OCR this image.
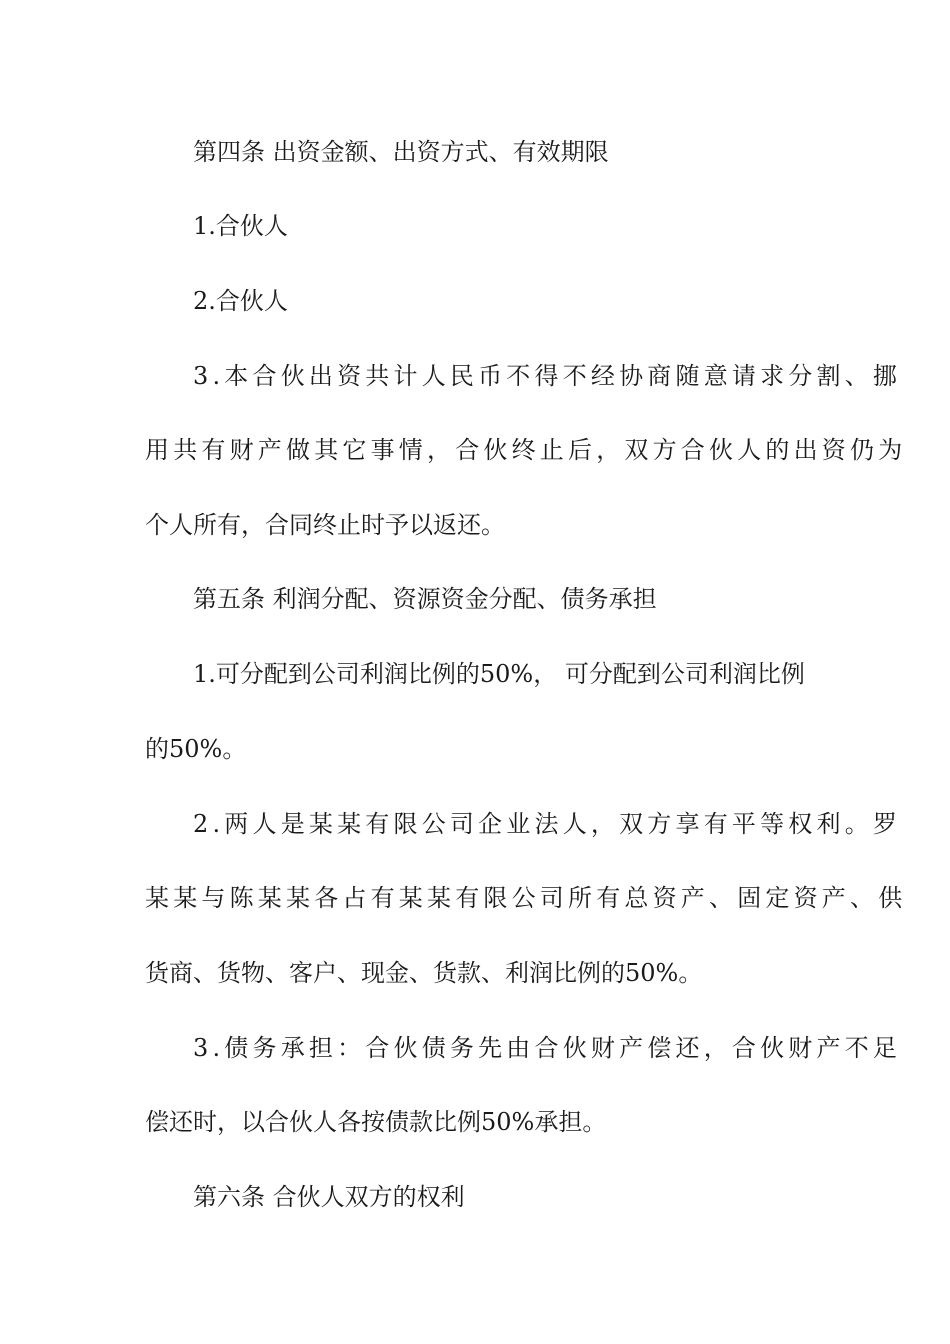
第四条 出资金额、出资方式、有效期限
1.合伙人
2.合伙人
3.本合伙出资共计人民币不得不经协商随意请求分割、挪
用共有财产做其它事情，合伙终止后，双方合伙人的出资仍为
个人所有，合同终止时予以返还。
第五条 利润分配、资源资金分配、债务承担
1.可分配到公司利润比例的50%， 可分配到公司利润比例
的50%。
2.两人是某某有限公司企业法人，双方享有平等权利。罗
某某与陈某某各占有某某有限公司所有总资产、固定资产、供
货商、货物、客户、现金、货款、利润比例的50%。
3.债务承担：合伙债务先由合伙财产偿还，合伙财产不足
偿还时，以合伙人各按债款比例50%承担。
第六条 合伙人双方的权利
